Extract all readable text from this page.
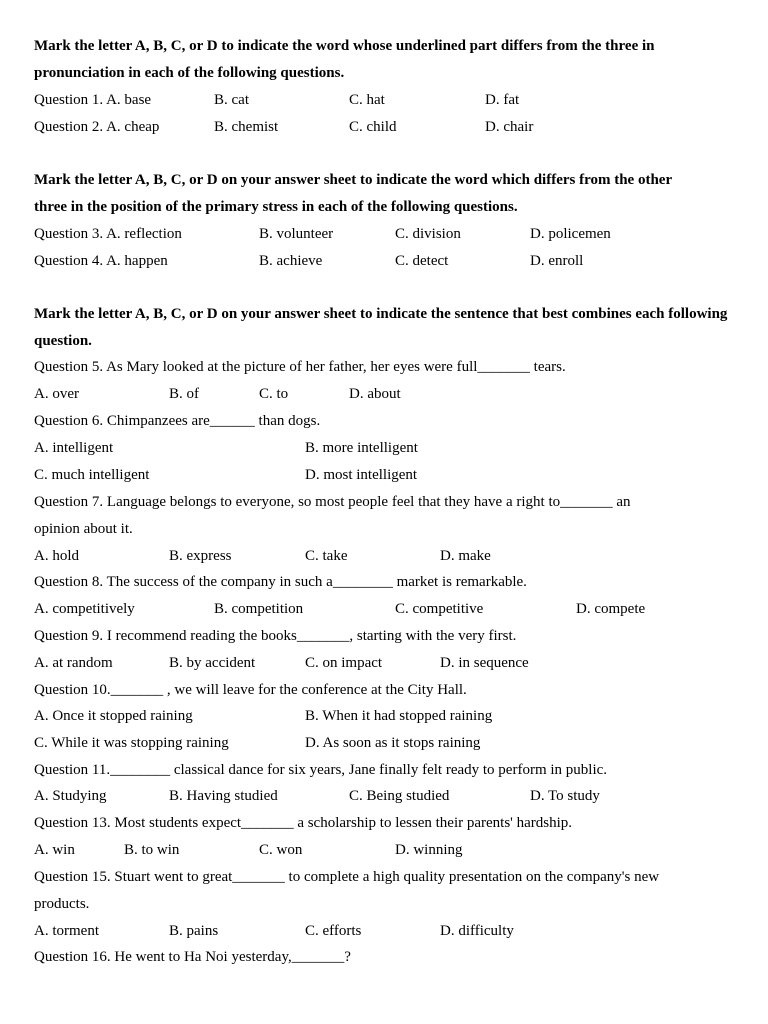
Mark the letter A, B, C, or D to indicate the word whose underlined part differs from the three in
pronunciation in each of the following questions.
Question 1. A. base	B. cat	C. hat	D. fat
Question 2. A. cheap	B. chemist	C. child	D. chair
Mark the letter A, B, C, or D on your answer sheet to indicate the word which differs from the other
three in the position of the primary stress in each of the following questions.
Question 3. A. reflection	B. volunteer	C. division	D. policemen
Question 4. A. happen	B. achieve	C. detect	D. enroll
Mark the letter A, B, C, or D on your answer sheet to indicate the sentence that best combines each following
question.
Question 5. As Mary looked at the picture of her father, her eyes were full_______ tears.
A. over	B. of	C. to	D. about
Question 6. Chimpanzees are______ than dogs.
A. intelligent	B. more intelligent
C. much intelligent	D. most intelligent
Question 7. Language belongs to everyone, so most people feel that they have a right to_______ an
opinion about it.
A. hold	B. express	C. take	D. make
Question 8. The success of the company in such a________ market is remarkable.
A. competitively	B. competition	C. competitive	D. compete
Question 9. I recommend reading the books_______, starting with the very first.
A. at random	B. by accident	C. on impact	D. in sequence
Question 10._______ , we will leave for the conference at the City Hall.
A. Once it stopped raining	B. When it had stopped raining
C. While it was stopping raining	D. As soon as it stops raining
Question 11.________ classical dance for six years, Jane finally felt ready to perform in public.
A. Studying	B. Having studied	C. Being studied	D. To study
Question 13. Most students expect_______ a scholarship to lessen their parents' hardship.
A. win	B. to win	C. won	D. winning
Question 15. Stuart went to great_______ to complete a high quality presentation on the company's new
products.
A. torment	B. pains	C. efforts	D. difficulty
Question 16. He went to Ha Noi yesterday,_______?
